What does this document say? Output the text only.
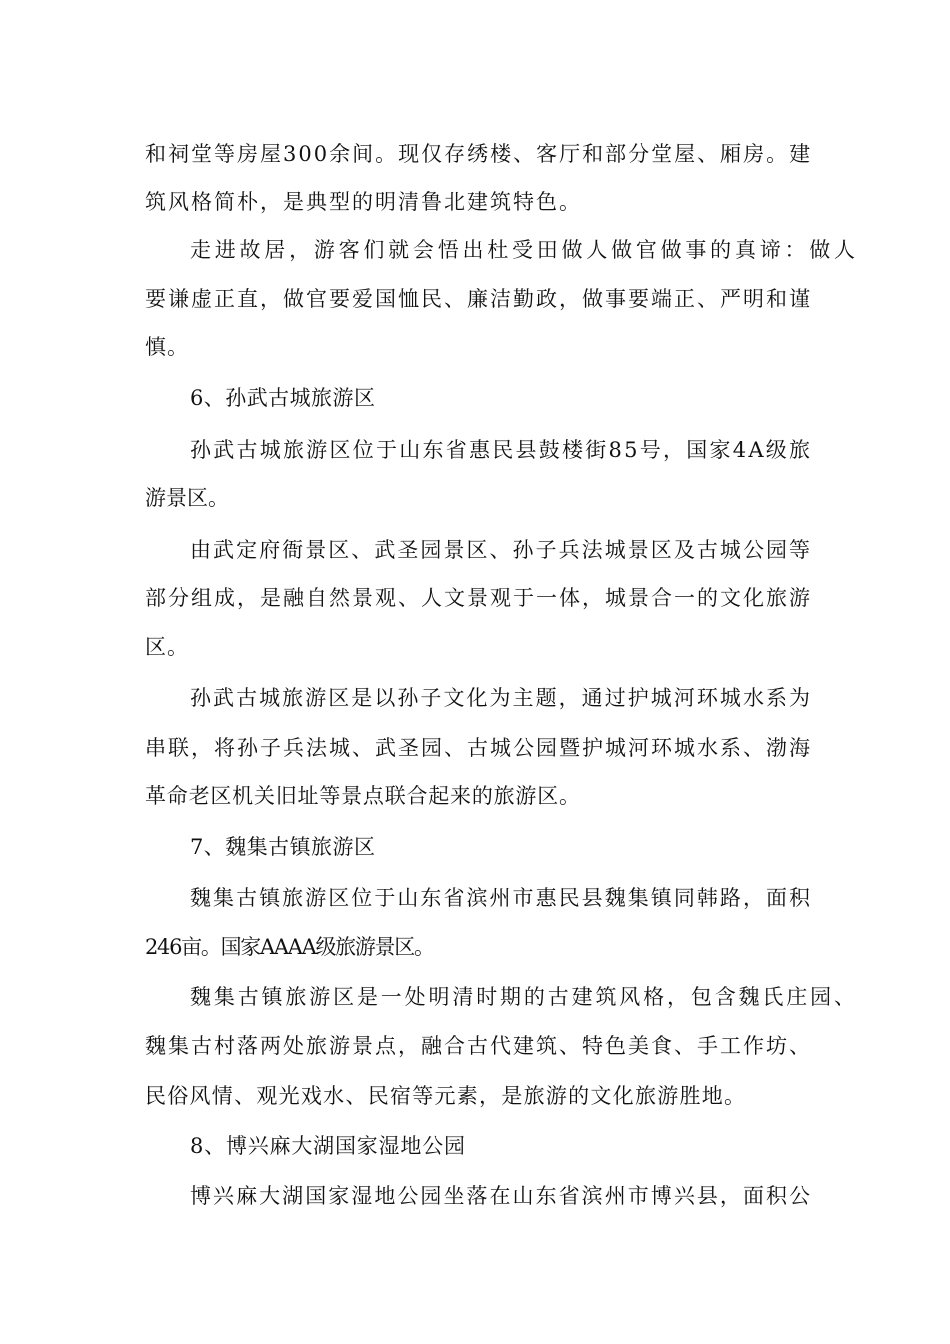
和祠堂等房屋300余间。现仅存绣楼、客厅和部分堂屋、厢房。建
筑风格简朴，是典型的明清鲁北建筑特色。
走进故居，游客们就会悟出杜受田做人做官做事的真谛：做人
要谦虚正直，做官要爱国恤民、廉洁勤政，做事要端正、严明和谨
慎。
6、孙武古城旅游区
孙武古城旅游区位于山东省惠民县鼓楼街85号，国家4A级旅
游景区。
由武定府衙景区、武圣园景区、孙子兵法城景区及古城公园等
部分组成，是融自然景观、人文景观于一体，城景合一的文化旅游
区。
孙武古城旅游区是以孙子文化为主题，通过护城河环城水系为
串联，将孙子兵法城、武圣园、古城公园暨护城河环城水系、渤海
革命老区机关旧址等景点联合起来的旅游区。
7、魏集古镇旅游区
魏集古镇旅游区位于山东省滨州市惠民县魏集镇同韩路，面积
246亩。国家AAAA级旅游景区。
魏集古镇旅游区是一处明清时期的古建筑风格，包含魏氏庄园、
魏集古村落两处旅游景点，融合古代建筑、特色美食、手工作坊、
民俗风情、观光戏水、民宿等元素，是旅游的文化旅游胜地。
8、博兴麻大湖国家湿地公园
博兴麻大湖国家湿地公园坐落在山东省滨州市博兴县，面积公
